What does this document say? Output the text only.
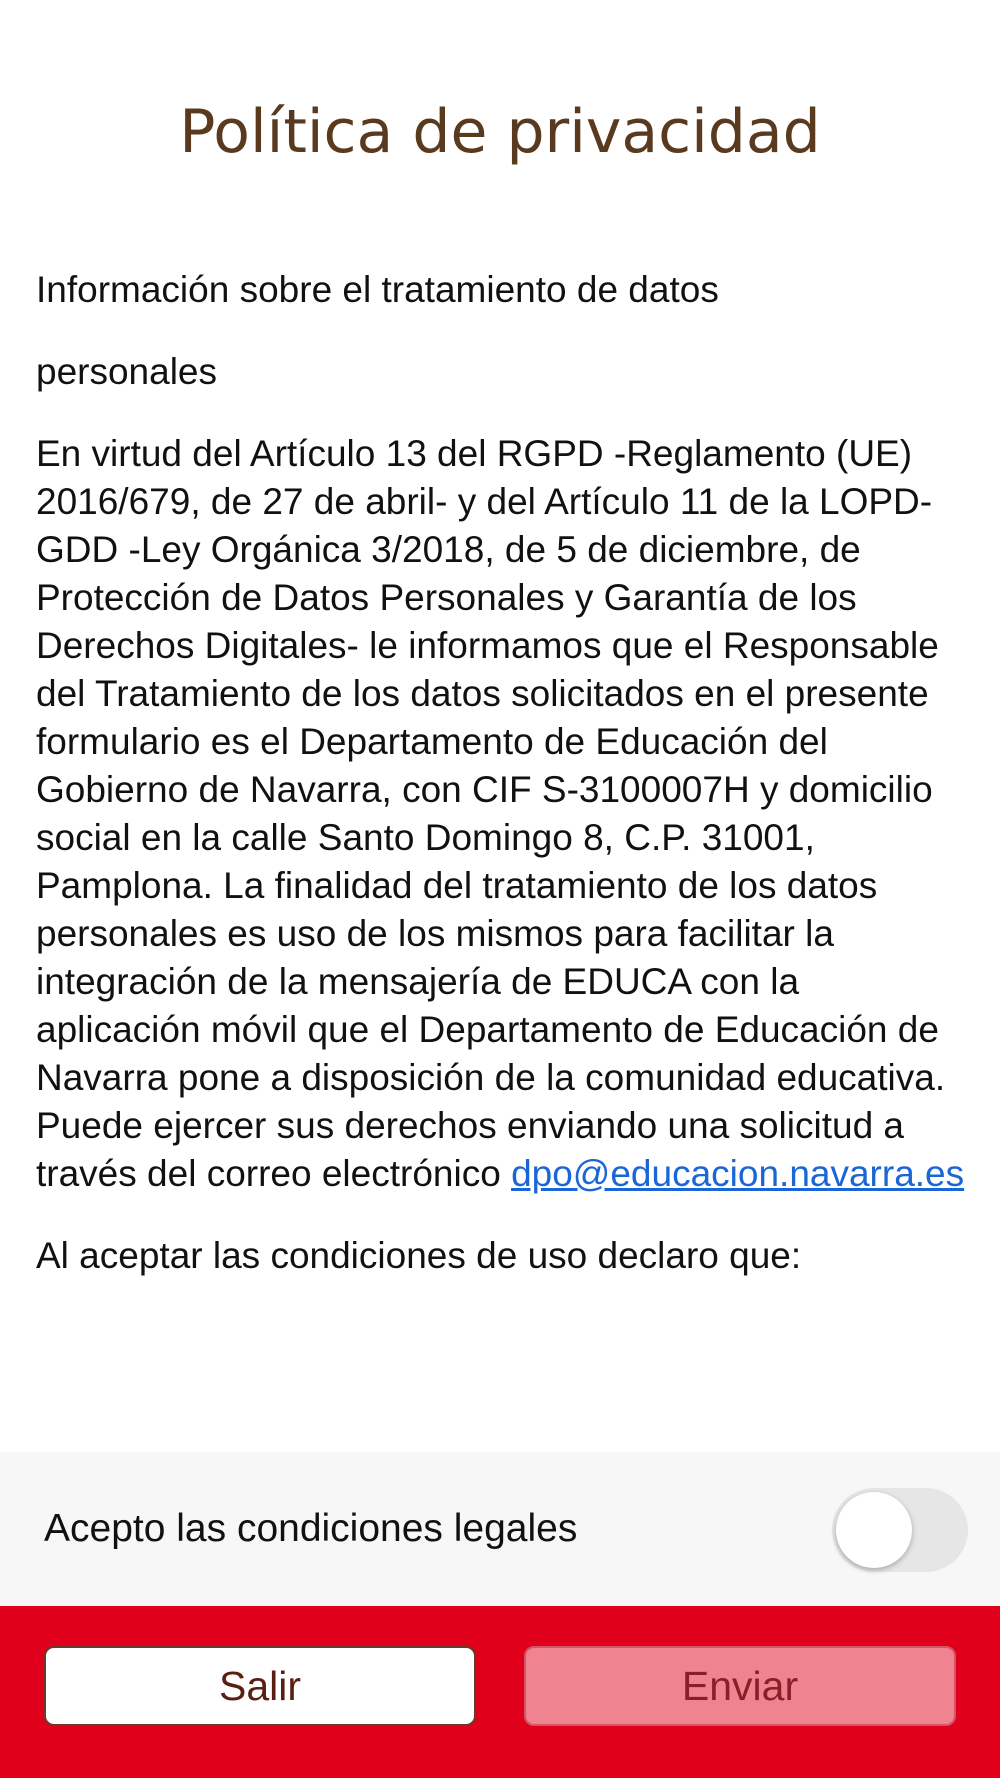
Política de privacidad

Información sobre el tratamiento de datos

personales

En virtud del Artículo 13 del RGPD -Reglamento (UE) 2016/679, de 27 de abril- y del Artículo 11 de la LOPD-GDD -Ley Orgánica 3/2018, de 5 de diciembre, de Protección de Datos Personales y Garantía de los Derechos Digitales- le informamos que el Responsable del Tratamiento de los datos solicitados en el presente formulario es el Departamento de Educación del Gobierno de Navarra, con CIF S-3100007H y domicilio social en la calle Santo Domingo 8, C.P. 31001, Pamplona. La finalidad del tratamiento de los datos personales es uso de los mismos para facilitar la integración de la mensajería de EDUCA con la aplicación móvil que el Departamento de Educación de Navarra pone a disposición de la comunidad educativa. Puede ejercer sus derechos enviando una solicitud a través del correo electrónico dpo@educacion.navarra.es

Al aceptar las condiciones de uso declaro que:

Acepto las condiciones legales
Salir	Enviar
